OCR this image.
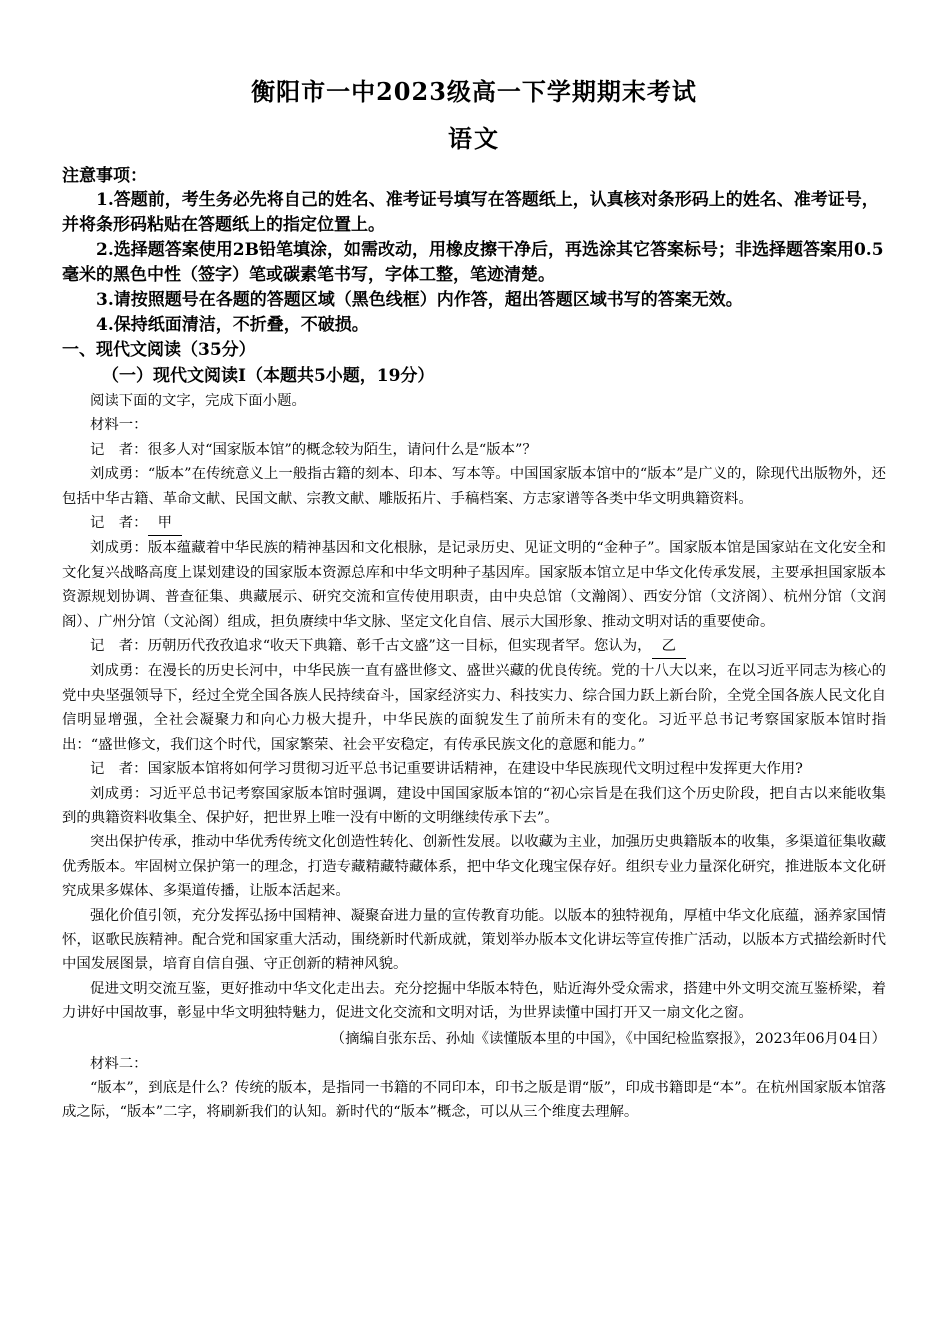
衡阳市一中2023级高一下学期期末考试
语文
注意事项：

1.答题前，考生务必先将自己的姓名、准考证号填写在答题纸上，认真核对条形码上的姓名、准考证号，并将条形码粘贴在答题纸上的指定位置上。

2.选择题答案使用2B铅笔填涂，如需改动，用橡皮擦干净后，再选涂其它答案标号；非选择题答案用0.5毫米的黑色中性（签字）笔或碳素笔书写，字体工整，笔迹清楚。

3.请按照题号在各题的答题区域（黑色线框）内作答，超出答题区域书写的答案无效。

4.保持纸面清洁，不折叠，不破损。

一、现代文阅读（35分）
（一）现代文阅读Ⅰ（本题共5小题，19分）

阅读下面的文字，完成下面小题。

材料一：

记　者：很多人对“国家版本馆”的概念较为陌生，请问什么是“版本”？

刘成勇：“版本”在传统意义上一般指古籍的刻本、印本、写本等。中国国家版本馆中的“版本”是广义的，除现代出版物外，还包括中华古籍、革命文献、民国文献、宗教文献、雕版拓片、手稿档案、方志家谱等各类中华文明典籍资料。

记　者： 甲

刘成勇：版本蕴藏着中华民族的精神基因和文化根脉，是记录历史、见证文明的“金种子”。国家版本馆是国家站在文化安全和文化复兴战略高度上谋划建设的国家版本资源总库和中华文明种子基因库。国家版本馆立足中华文化传承发展，主要承担国家版本资源规划协调、普查征集、典藏展示、研究交流和宣传使用职责，由中央总馆（文瀚阁）、西安分馆（文济阁）、杭州分馆（文润阁）、广州分馆（文沁阁）组成，担负赓续中华文脉、坚定文化自信、展示大国形象、推动文明对话的重要使命。

记　者：历朝历代孜孜追求“收天下典籍、彰千古文盛”这一目标，但实现者罕。您认为， 乙

刘成勇：在漫长的历史长河中，中华民族一直有盛世修文、盛世兴藏的优良传统。党的十八大以来，在以习近平同志为核心的党中央坚强领导下，经过全党全国各族人民持续奋斗，国家经济实力、科技实力、综合国力跃上新台阶，全党全国各族人民文化自信明显增强，全社会凝聚力和向心力极大提升，中华民族的面貌发生了前所未有的变化。习近平总书记考察国家版本馆时指出：“盛世修文，我们这个时代，国家繁荣、社会平安稳定，有传承民族文化的意愿和能力。”

记　者：国家版本馆将如何学习贯彻习近平总书记重要讲话精神，在建设中华民族现代文明过程中发挥更大作用?

刘成勇：习近平总书记考察国家版本馆时强调，建设中国国家版本馆的“初心宗旨是在我们这个历史阶段，把自古以来能收集到的典籍资料收集全、保护好，把世界上唯一没有中断的文明继续传承下去”。

突出保护传承，推动中华优秀传统文化创造性转化、创新性发展。以收藏为主业，加强历史典籍版本的收集，多渠道征集收藏优秀版本。牢固树立保护第一的理念，打造专藏精藏特藏体系，把中华文化瑰宝保存好。组织专业力量深化研究，推进版本文化研究成果多媒体、多渠道传播，让版本活起来。

强化价值引领，充分发挥弘扬中国精神、凝聚奋进力量的宣传教育功能。以版本的独特视角，厚植中华文化底蕴，涵养家国情怀，讴歌民族精神。配合党和国家重大活动，围绕新时代新成就，策划举办版本文化讲坛等宣传推广活动，以版本方式描绘新时代中国发展图景，培育自信自强、守正创新的精神风貌。

促进文明交流互鉴，更好推动中华文化走出去。充分挖掘中华版本特色，贴近海外受众需求，搭建中外文明交流互鉴桥梁，着力讲好中国故事，彰显中华文明独特魅力，促进文化交流和文明对话，为世界读懂中国打开又一扇文化之窗。

（摘编自张东岳、孙灿《读懂版本里的中国》，《中国纪检监察报》，2023年06月04日）

材料二：

“版本”，到底是什么？传统的版本，是指同一书籍的不同印本，印书之版是谓“版”，印成书籍即是“本”。在杭州国家版本馆落成之际，“版本”二字，将刷新我们的认知。新时代的“版本”概念，可以从三个维度去理解。
